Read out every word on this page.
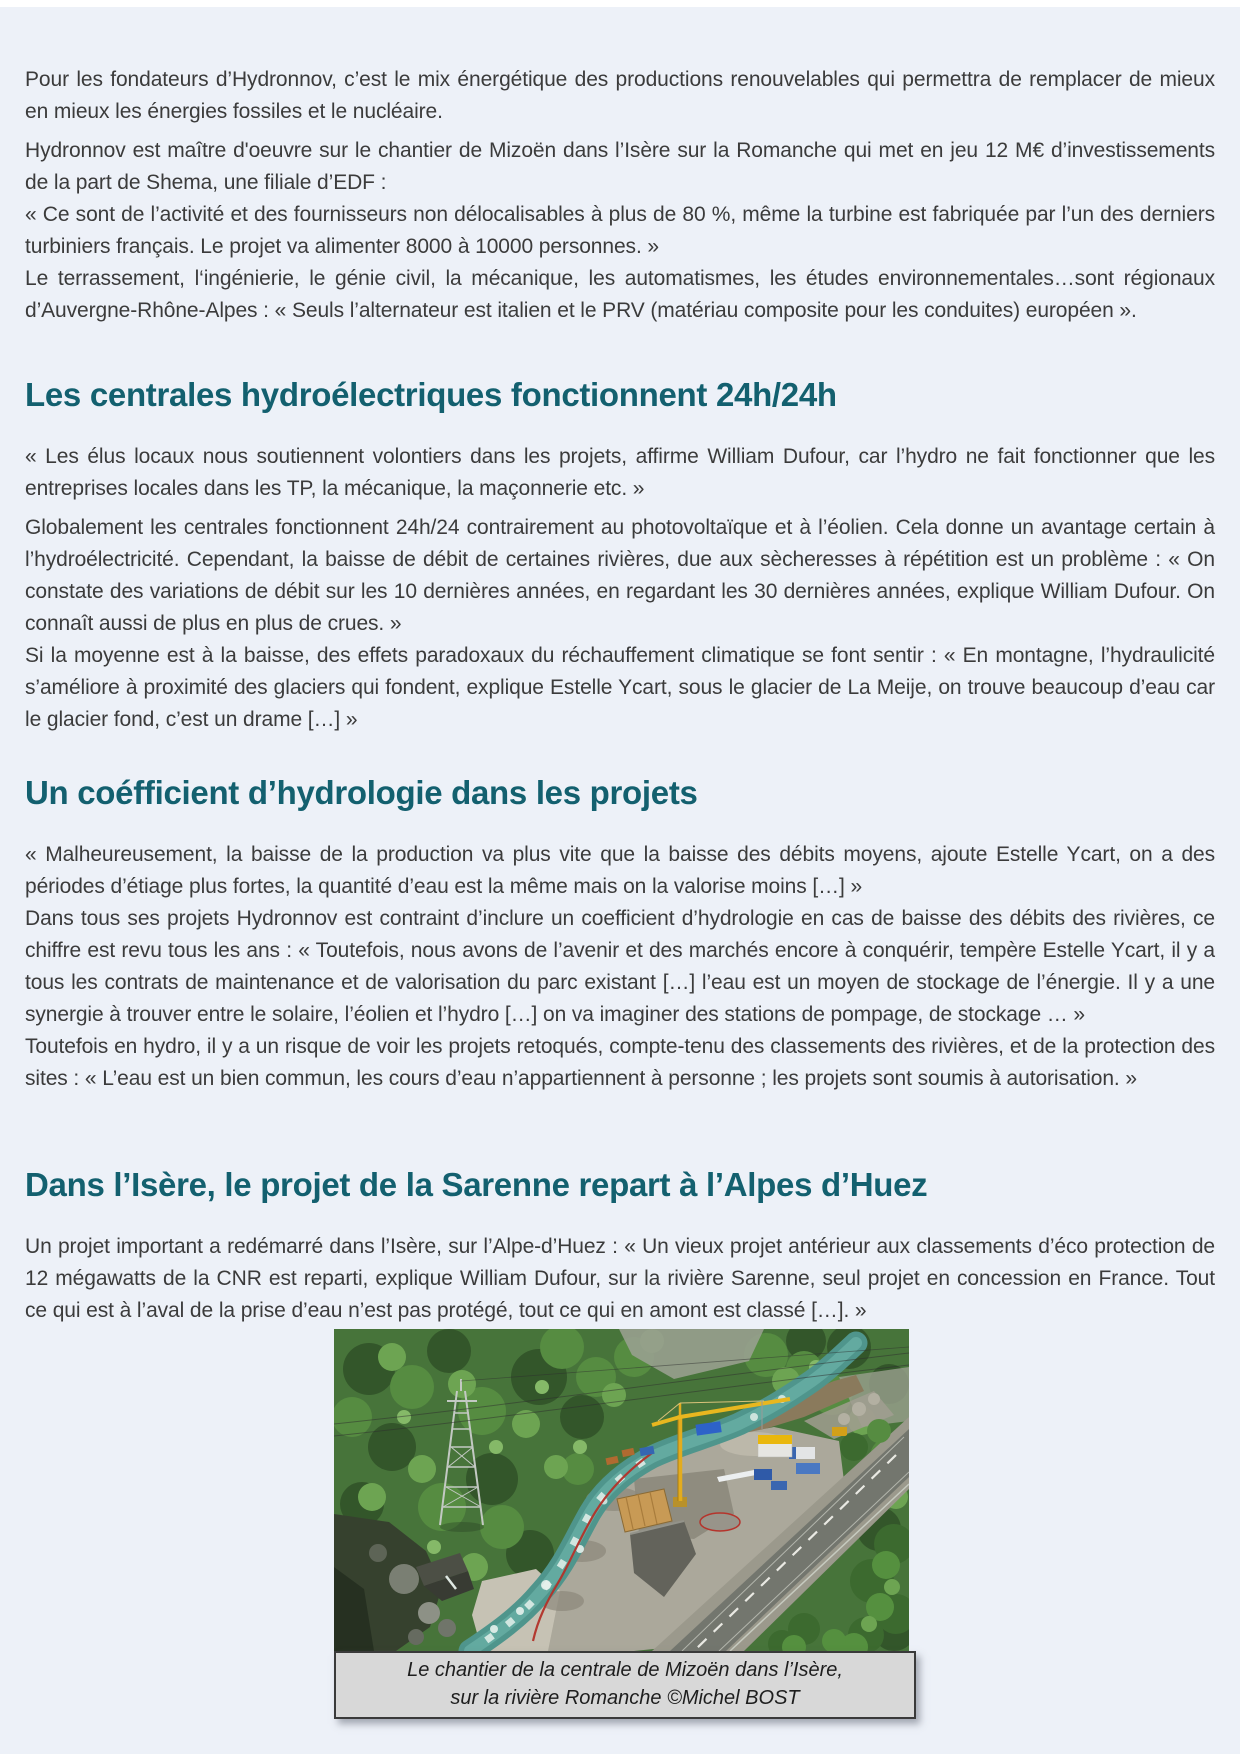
Pour les fondateurs d’Hydronnov, c’est le mix énergétique des productions renouvelables qui permettra de remplacer de mieux en mieux les énergies fossiles et le nucléaire.

Hydronnov est maître d'oeuvre sur le chantier de Mizoën dans l’Isère sur la Romanche qui met en jeu 12 M€ d’investissements de la part de Shema, une filiale d’EDF :

« Ce sont de l’activité et des fournisseurs non délocalisables à plus de 80 %, même la turbine est fabriquée par l’un des derniers turbiniers français. Le projet va alimenter 8000 à 10000 personnes. »

Le terrassement, l‘ingénierie, le génie civil, la mécanique, les automatismes, les études environnementales…sont régionaux d’Auvergne-Rhône-Alpes : « Seuls l’alternateur est italien et le PRV (matériau composite pour les conduites) européen ».

Les centrales hydroélectriques fonctionnent 24h/24h

« Les élus locaux nous soutiennent volontiers dans les projets, affirme William Dufour, car l’hydro ne fait fonctionner que les entreprises locales dans les TP, la mécanique, la maçonnerie etc. »

Globalement les centrales fonctionnent 24h/24 contrairement au photovoltaïque et à l’éolien. Cela donne un avantage certain à l’hydroélectricité. Cependant, la baisse de débit de certaines rivières, due aux sècheresses à répétition est un problème : « On constate des variations de débit sur les 10 dernières années, en regardant les 30 dernières années, explique William Dufour. On connaît aussi de plus en plus de crues. »

Si la moyenne est à la baisse, des effets paradoxaux du réchauffement climatique se font sentir : « En montagne, l’hydraulicité s’améliore à proximité des glaciers qui fondent, explique Estelle Ycart, sous le glacier de La Meije, on trouve beaucoup d’eau car le glacier fond, c’est un drame […] »

Un coéfficient d’hydrologie dans les projets

« Malheureusement, la baisse de la production va plus vite que la baisse des débits moyens, ajoute Estelle Ycart, on a des périodes d’étiage plus fortes, la quantité d’eau est la même mais on la valorise moins […] »

Dans tous ses projets Hydronnov est contraint d’inclure un coefficient d’hydrologie en cas de baisse des débits des rivières, ce chiffre est revu tous les ans : « Toutefois, nous avons de l’avenir et des marchés encore à conquérir, tempère Estelle Ycart, il y a tous les contrats de maintenance et de valorisation du parc existant […] l’eau est un moyen de stockage de l’énergie. Il y a une synergie à trouver entre le solaire, l’éolien et l’hydro […] on va imaginer des stations de pompage, de stockage … »

Toutefois en hydro, il y a un risque de voir les projets retoqués, compte-tenu des classements des rivières, et de la protection des sites : « L’eau est un bien commun, les cours d’eau n’appartiennent à personne ; les projets sont soumis à autorisation. »

Dans l’Isère, le projet de la Sarenne repart à l’Alpes d’Huez

Un projet important a redémarré dans l’Isère, sur l’Alpe-d’Huez : « Un vieux projet antérieur aux classements d’éco protection de 12 mégawatts de la CNR est reparti, explique William Dufour, sur la rivière Sarenne, seul projet en concession en France. Tout ce qui est à l’aval de la prise d’eau n’est pas protégé, tout ce qui en amont est classé […]. »

Le chantier de la centrale de Mizoën dans l’Isère,
sur la rivière Romanche ©Michel BOST
